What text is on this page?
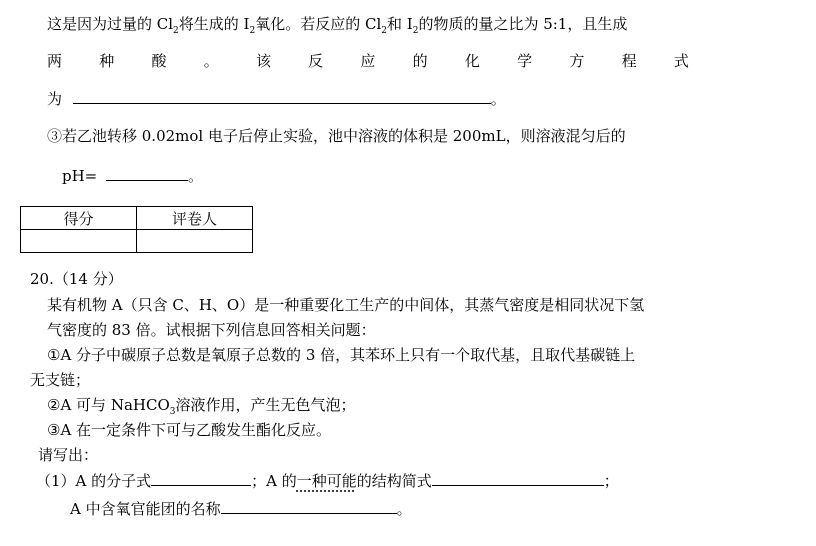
这是因为过量的 $Cl_2$将生成的 $I_2$氧化。若反应的 $Cl_2$和 $I_2$的物质的量之比为 5:1，且生成
两 种 酸 。 该 反 应 的 化 学 方 程 式
为	。
③若乙池转移 0.02mol 电子后停止实验，池中溶液的体积是 200mL，则溶液混匀后的
pH=	。
得分	评卷人

20.（14 分）
某有机物 A（只含 C、H、O）是一种重要化工生产的中间体，其蒸气密度是相同状况下氢
气密度的 83 倍。试根据下列信息回答相关问题：
①A 分子中碳原子总数是氧原子总数的 3 倍，其苯环上只有一个取代基，且取代基碳链上
无支链；
②A 可与 NaHCO$_3$溶液作用，产生无色气泡；
③A 在一定条件下可与乙酸发生酯化反应。
请写出：
（1）A 的分子式	；A 的一种可能的结构简式	；
A 中含氧官能团的名称	。
